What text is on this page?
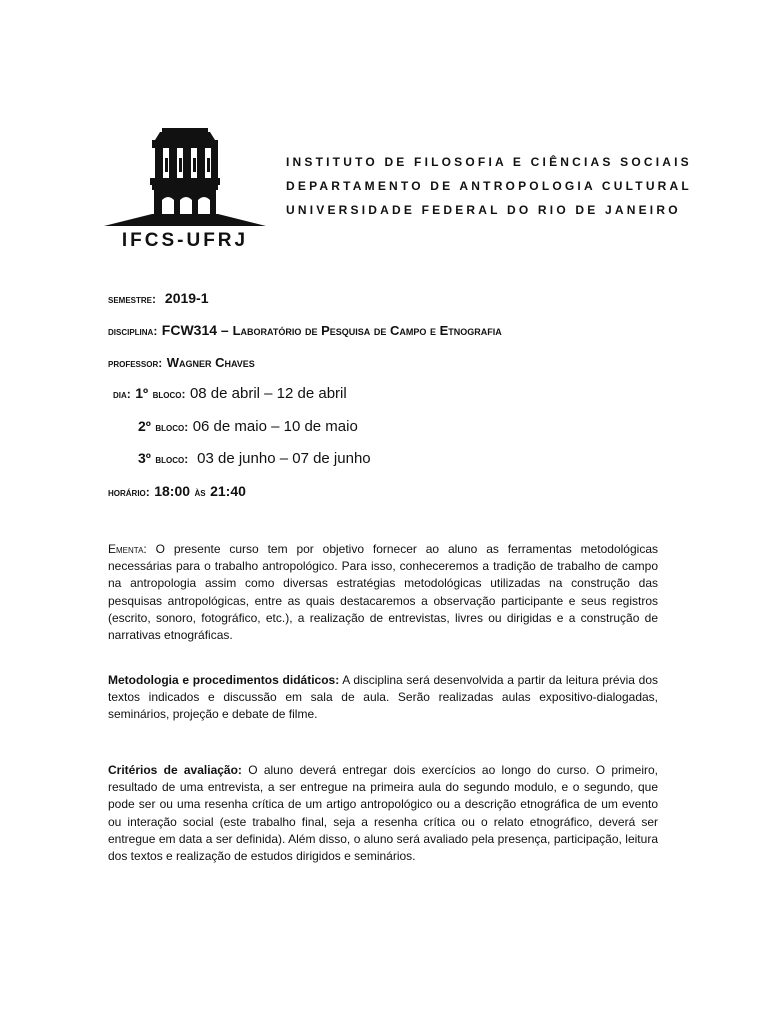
IFCS-UFRJ
INSTITUTO DE FILOSOFIA E CIÊNCIAS SOCIAIS
DEPARTAMENTO DE ANTROPOLOGIA CULTURAL
UNIVERSIDADE FEDERAL DO RIO DE JANEIRO
semestre: 2019-1
disciplina: FCW314 – Laboratório de Pesquisa de Campo e Etnografia
professor: Wagner Chaves
dia: 1º bloco: 08 de abril – 12 de abril
2º bloco: 06 de maio – 10 de maio
3º bloco: 03 de junho – 07 de junho
horário: 18:00 às 21:40
Ementa: O presente curso tem por objetivo fornecer ao aluno as ferramentas metodológicas necessárias para o trabalho antropológico. Para isso, conheceremos a tradição de trabalho de campo na antropologia assim como diversas estratégias metodológicas utilizadas na construção das pesquisas antropológicas, entre as quais destacaremos a observação participante e seus registros (escrito, sonoro, fotográfico, etc.), a realização de entrevistas, livres ou dirigidas e a construção de narrativas etnográficas.
Metodologia e procedimentos didáticos: A disciplina será desenvolvida a partir da leitura prévia dos textos indicados e discussão em sala de aula. Serão realizadas aulas expositivo-dialogadas, seminários, projeção e debate de filme.
Critérios de avaliação: O aluno deverá entregar dois exercícios ao longo do curso. O primeiro, resultado de uma entrevista, a ser entregue na primeira aula do segundo modulo, e o segundo, que pode ser ou uma resenha crítica de um artigo antropológico ou a descrição etnográfica de um evento ou interação social (este trabalho final, seja a resenha crítica ou o relato etnográfico, deverá ser entregue em data a ser definida). Além disso, o aluno será avaliado pela presença, participação, leitura dos textos e realização de estudos dirigidos e seminários.
